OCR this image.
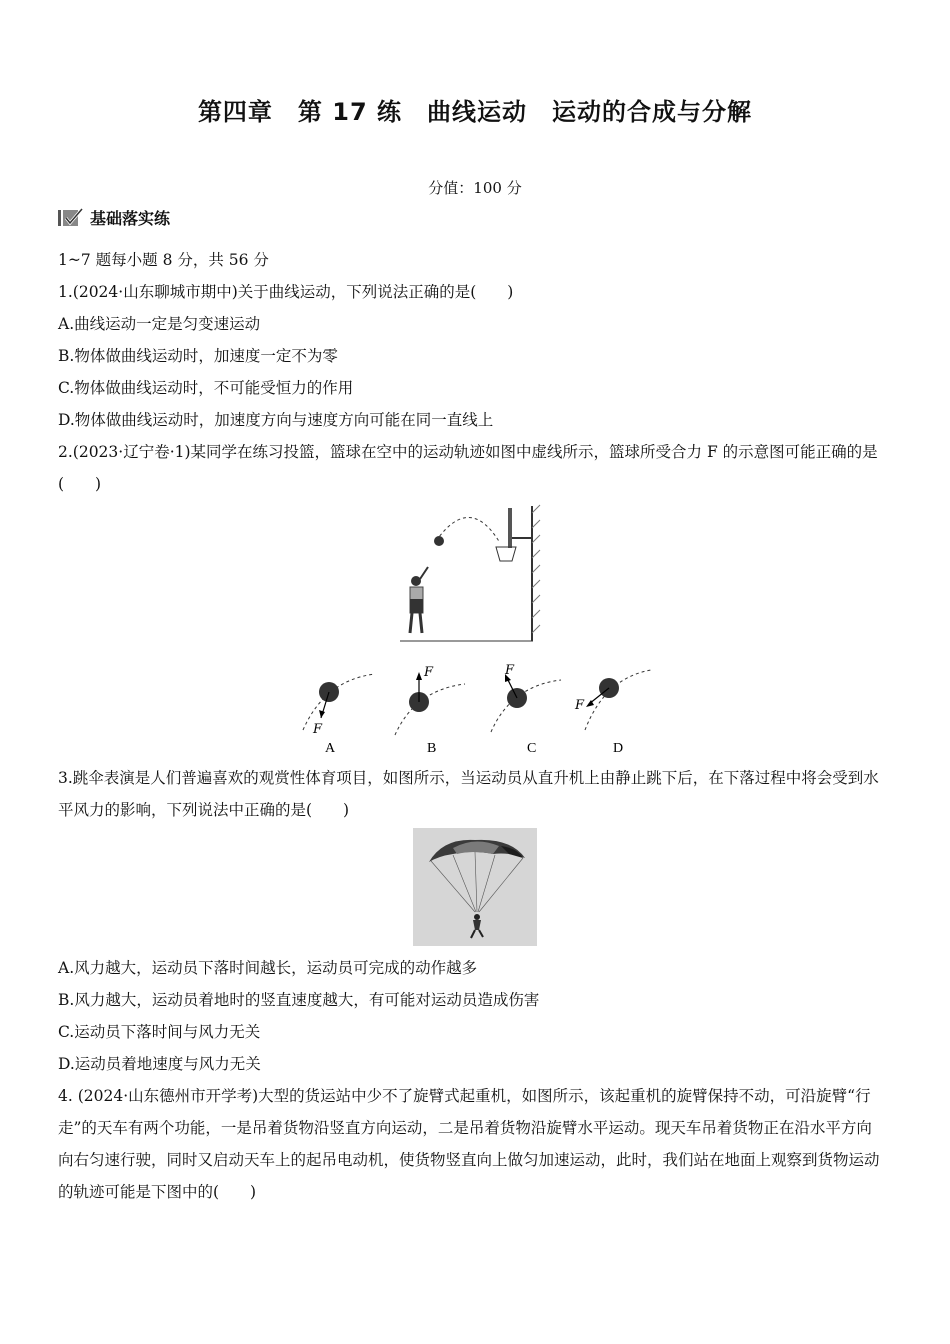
第四章　第 17 练　曲线运动　运动的合成与分解
分值：100 分
基础落实练
1~7 题每小题 8 分，共 56 分
1.(2024·山东聊城市期中)关于曲线运动，下列说法正确的是(　　)
A.曲线运动一定是匀变速运动
B.物体做曲线运动时，加速度一定不为零
C.物体做曲线运动时，不可能受恒力的作用
D.物体做曲线运动时，加速度方向与速度方向可能在同一直线上
2.(2023·辽宁卷·1)某同学在练习投篮，篮球在空中的运动轨迹如图中虚线所示，篮球所受合力 F 的示意图可能正确的是(　　)
F
A
F
B
F
C
F
D
3.跳伞表演是人们普遍喜欢的观赏性体育项目，如图所示，当运动员从直升机上由静止跳下后，在下落过程中将会受到水平风力的影响，下列说法中正确的是(　　)
A.风力越大，运动员下落时间越长，运动员可完成的动作越多
B.风力越大，运动员着地时的竖直速度越大，有可能对运动员造成伤害
C.运动员下落时间与风力无关
D.运动员着地速度与风力无关
4. (2024·山东德州市开学考)大型的货运站中少不了旋臂式起重机，如图所示，该起重机的旋臂保持不动，可沿旋臂“行走”的天车有两个功能，一是吊着货物沿竖直方向运动，二是吊着货物沿旋臂水平运动。现天车吊着货物正在沿水平方向向右匀速行驶，同时又启动天车上的起吊电动机，使货物竖直向上做匀加速运动，此时，我们站在地面上观察到货物运动的轨迹可能是下图中的(　　)
